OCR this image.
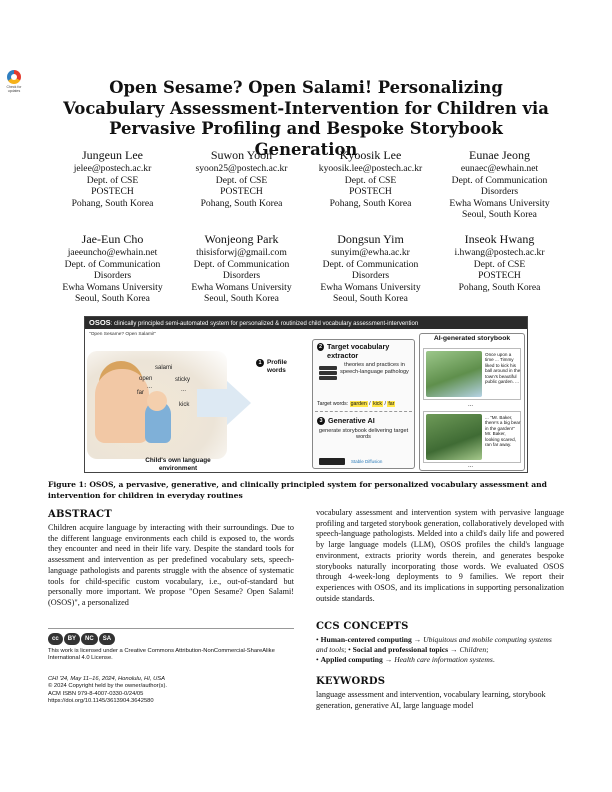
Check for updates	Open Sesame? Open Salami! Personalizing Vocabulary Assessment-Intervention for Children via Pervasive Profiling and Bespoke Storybook Generation
Jungeun Lee
jelee@postech.ac.kr
Dept. of CSE
POSTECH
Pohang, South Korea
Suwon Yoon
syoon25@postech.ac.kr
Dept. of CSE
POSTECH
Pohang, South Korea
Kyoosik Lee
kyoosik.lee@postech.ac.kr
Dept. of CSE
POSTECH
Pohang, South Korea
Eunae Jeong
eunaec@ewhain.net
Dept. of Communication
Disorders
Ewha Womans University
Seoul, South Korea
Jae-Eun Cho
jaeeuncho@ewhain.net
Dept. of Communication
Disorders
Ewha Womans University
Seoul, South Korea
Wonjeong Park
thisisforwj@gmail.com
Dept. of Communication
Disorders
Ewha Womans University
Seoul, South Korea
Dongsun Yim
sunyim@ewha.ac.kr
Dept. of Communication
Disorders
Ewha Womans University
Seoul, South Korea
Inseok Hwang
i.hwang@postech.ac.kr
Dept. of CSE
POSTECH
Pohang, South Korea
OSOS: clinically principled semi-automated system for personalized & routinized child vocabulary assessment-intervention
"Open Sesame? Open Salami!"
salami
open	sticky
far
kick
...	...
Child's own language environment
1 Profile words
2 Target vocabulary extractor
theories and practices in speech-language pathology
Target words: garden / kick / far
3 Generative AI
generate storybook delivering target words
Stable Diffusion
AI-generated storybook
Once upon a time ... Timmy liked to kick his ball around in the town's beautiful public garden. ...
...
... "Mr. Baker, there's a big bear in the garden!" Mr. Baker, looking scared, ran far away.
...
Figure 1: OSOS, a pervasive, generative, and clinically principled system for personalized vocabulary assessment and intervention for children in everyday routines
ABSTRACT

Children acquire language by interacting with their surroundings. Due to the different language environments each child is exposed to, the words they encounter and need in their life vary. Despite the standard tools for assessment and intervention as per predefined vocabulary sets, speech-language pathologists and parents struggle with the absence of systematic tools for child-specific custom vocabulary, i.e., out-of-standard but personally more important. We propose "Open Sesame? Open Salami! (OSOS)", a personalized

vocabulary assessment and intervention system with pervasive language profiling and targeted storybook generation, collaboratively developed with speech-language pathologists. Melded into a child's daily life and powered by large language models (LLM), OSOS profiles the child's language environment, extracts priority words therein, and generates bespoke storybooks naturally incorporating those words. We evaluated OSOS through 4-week-long deployments to 9 families. We report their experiences with OSOS, and its implications in supporting personalization outside standards.

cc	BY	NC	SA
This work is licensed under a Creative Commons Attribution-NonCommercial-ShareAlike International 4.0 License.
CHI '24, May 11–16, 2024, Honolulu, HI, USA
© 2024 Copyright held by the owner/author(s).
ACM ISBN 979-8-4007-0330-0/24/05
https://doi.org/10.1145/3613904.3642580
CCS CONCEPTS

• Human-centered computing → Ubiquitous and mobile computing systems and tools; • Social and professional topics → Children;
• Applied computing → Health care information systems.

KEYWORDS

language assessment and intervention, vocabulary learning, storybook generation, generative AI, large language model
